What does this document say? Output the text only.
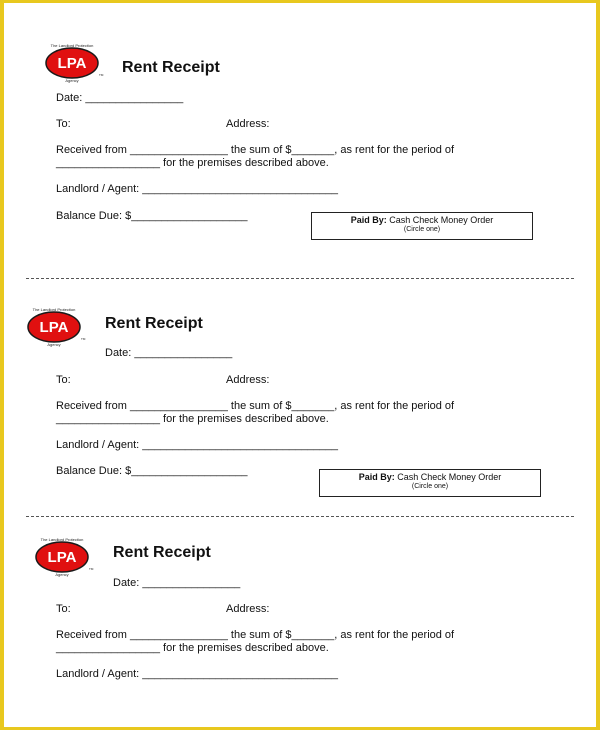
LPA
The Landlord Protection
Agency
TM Rent Receipt
Date: ________________
To:	Address:
Received from ________________ the sum of $_______, as rent for the period of
_________________ for the premises described above.
Landlord / Agent: ________________________________
Balance Due: $___________________	Paid By: Cash Check Money Order
(Circle one)
LPA
The Landlord Protection
Agency
TM
Rent Receipt
Date: ________________
To:	Address:
Received from ________________ the sum of $_______, as rent for the period of
_________________ for the premises described above.
Landlord / Agent: ________________________________
Balance Due: $___________________	Paid By: Cash Check Money Order
(Circle one)
LPA
The Landlord Protection
Agency
TM
Rent Receipt
Date: ________________
To:	Address:
Received from ________________ the sum of $_______, as rent for the period of
_________________ for the premises described above.
Landlord / Agent: ________________________________
